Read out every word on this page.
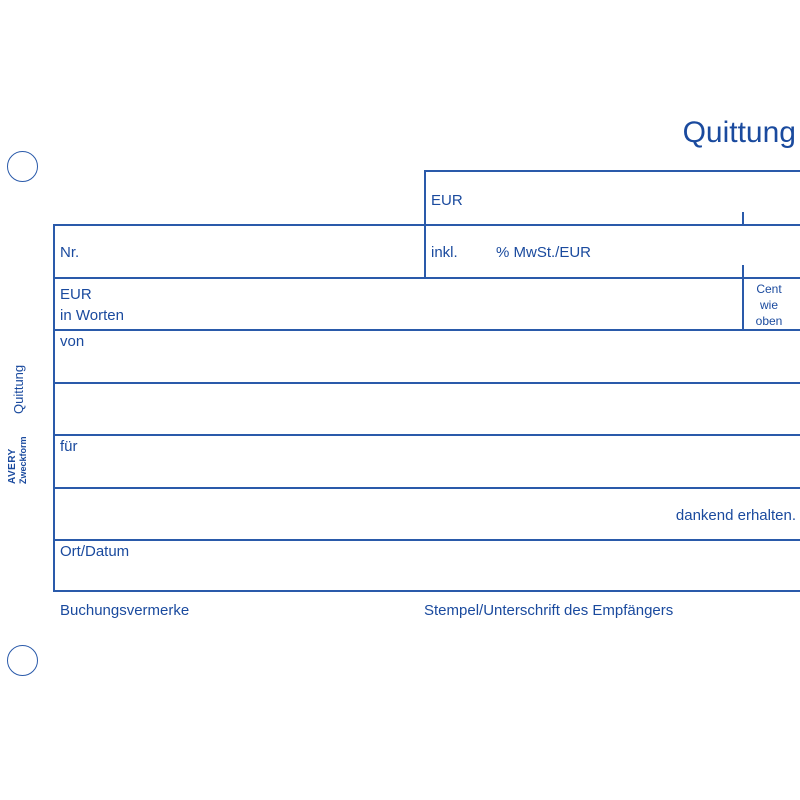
Quittung
AVERY Zweckform
Quittung
EUR
Nr.	inkl.	% MwSt./EUR
EUR
in Worten
Cent
wie
oben
von
für
dankend erhalten.
Ort/Datum
Buchungsvermerke	Stempel/Unterschrift des Empfängers
